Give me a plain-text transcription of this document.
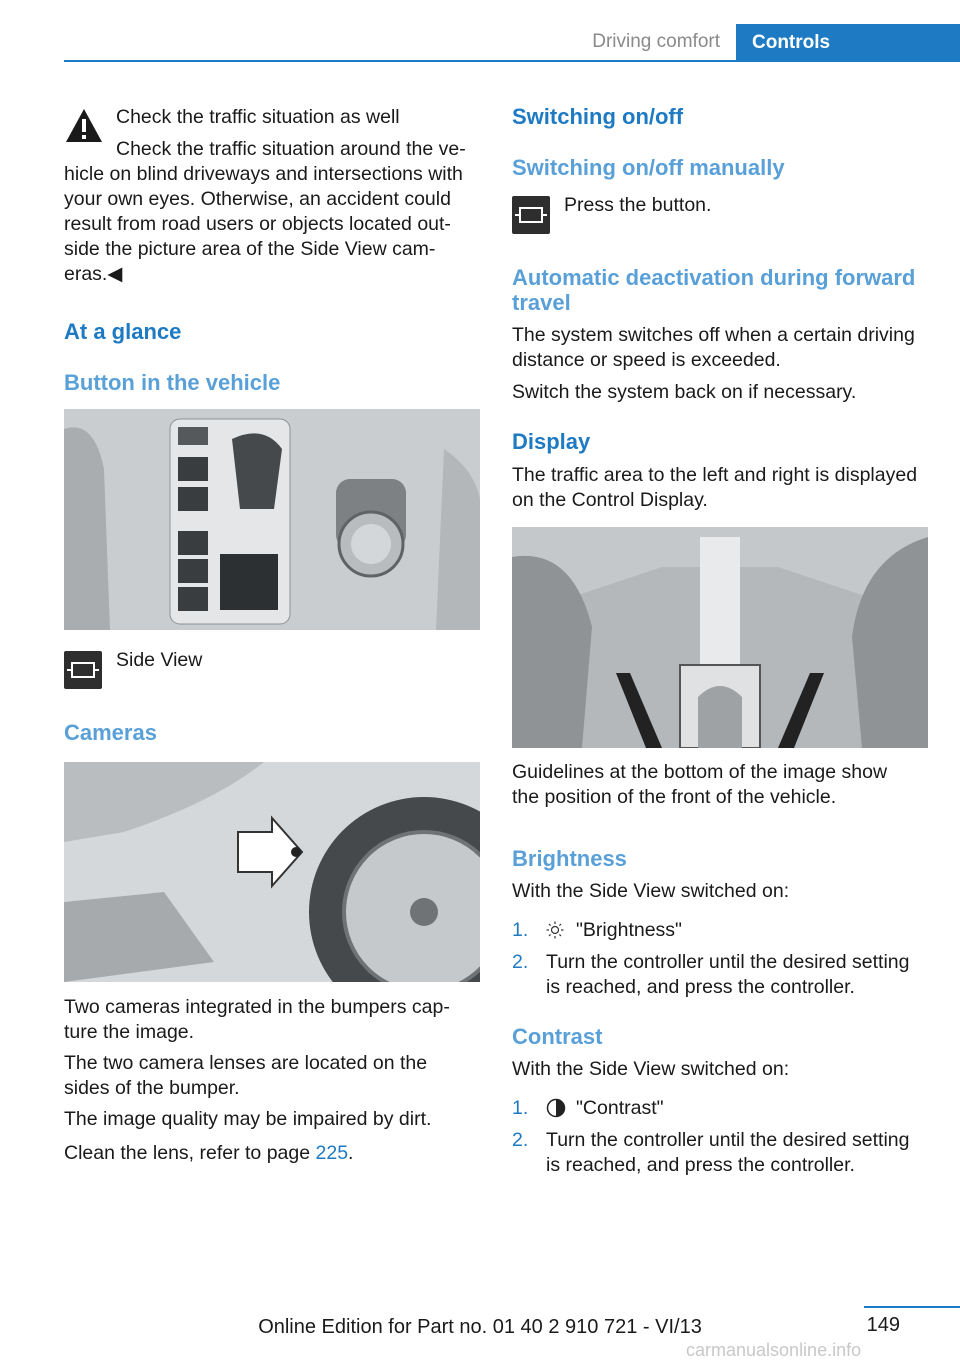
Driving comfort	Controls

Check the traffic situation as well

Check the traffic situation around the ve-

hicle on blind driveways and intersections with

your own eyes. Otherwise, an accident could

result from road users or objects located out-

side the picture area of the Side View cam-

eras.◀

At a glance
Button in the vehicle

Side View

Cameras

Two cameras integrated in the bumpers cap-

ture the image.

The two camera lenses are located on the

sides of the bumper.

The image quality may be impaired by dirt.

Clean the lens, refer to page 225.

Switching on/off
Switching on/off manually

Press the button.

Automatic deactivation during forward
travel

The system switches off when a certain driving

distance or speed is exceeded.

Switch the system back on if necessary.

Display

The traffic area to the left and right is displayed

on the Control Display.

Guidelines at the bottom of the image show

the position of the front of the vehicle.

Brightness

With the Side View switched on:

1. "Brightness"

2. Turn the controller until the desired setting

is reached, and press the controller.

Contrast

With the Side View switched on:

1. "Contrast"

2. Turn the controller until the desired setting

is reached, and press the controller.

149
Online Edition for Part no. 01 40 2 910 721 - VI/13
carmanualsonline.info
